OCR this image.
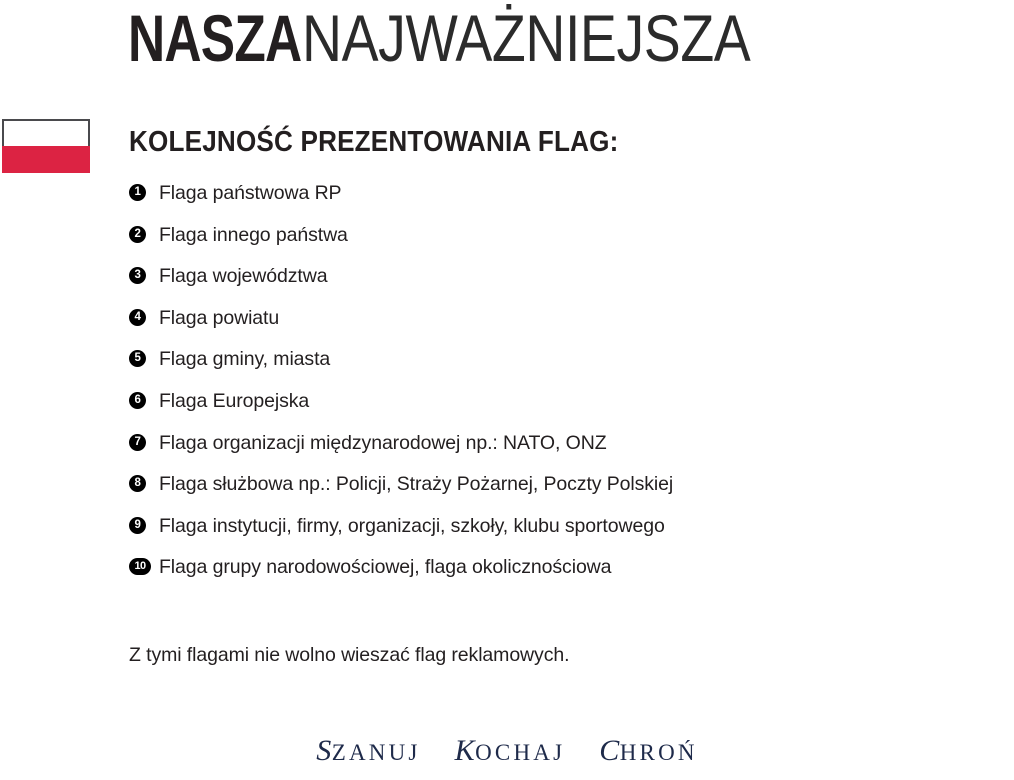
NASZANAJWAŻNIEJSZA
KOLEJNOŚĆ PREZENTOWANIA FLAG:
1 Flaga państwowa RP
2 Flaga innego państwa
3 Flaga województwa
4 Flaga powiatu
5 Flaga gminy, miasta
6 Flaga Europejska
7 Flaga organizacji międzynarodowej np.: NATO, ONZ
8 Flaga służbowa np.: Policji, Straży Pożarnej, Poczty Polskiej
9 Flaga instytucji, firmy, organizacji, szkoły, klubu sportowego
10 Flaga grupy narodowościowej, flaga okolicznościowa
Z tymi flagami nie wolno wieszać flag reklamowych.
SZANUJ KOCHAJ CHROŃ
